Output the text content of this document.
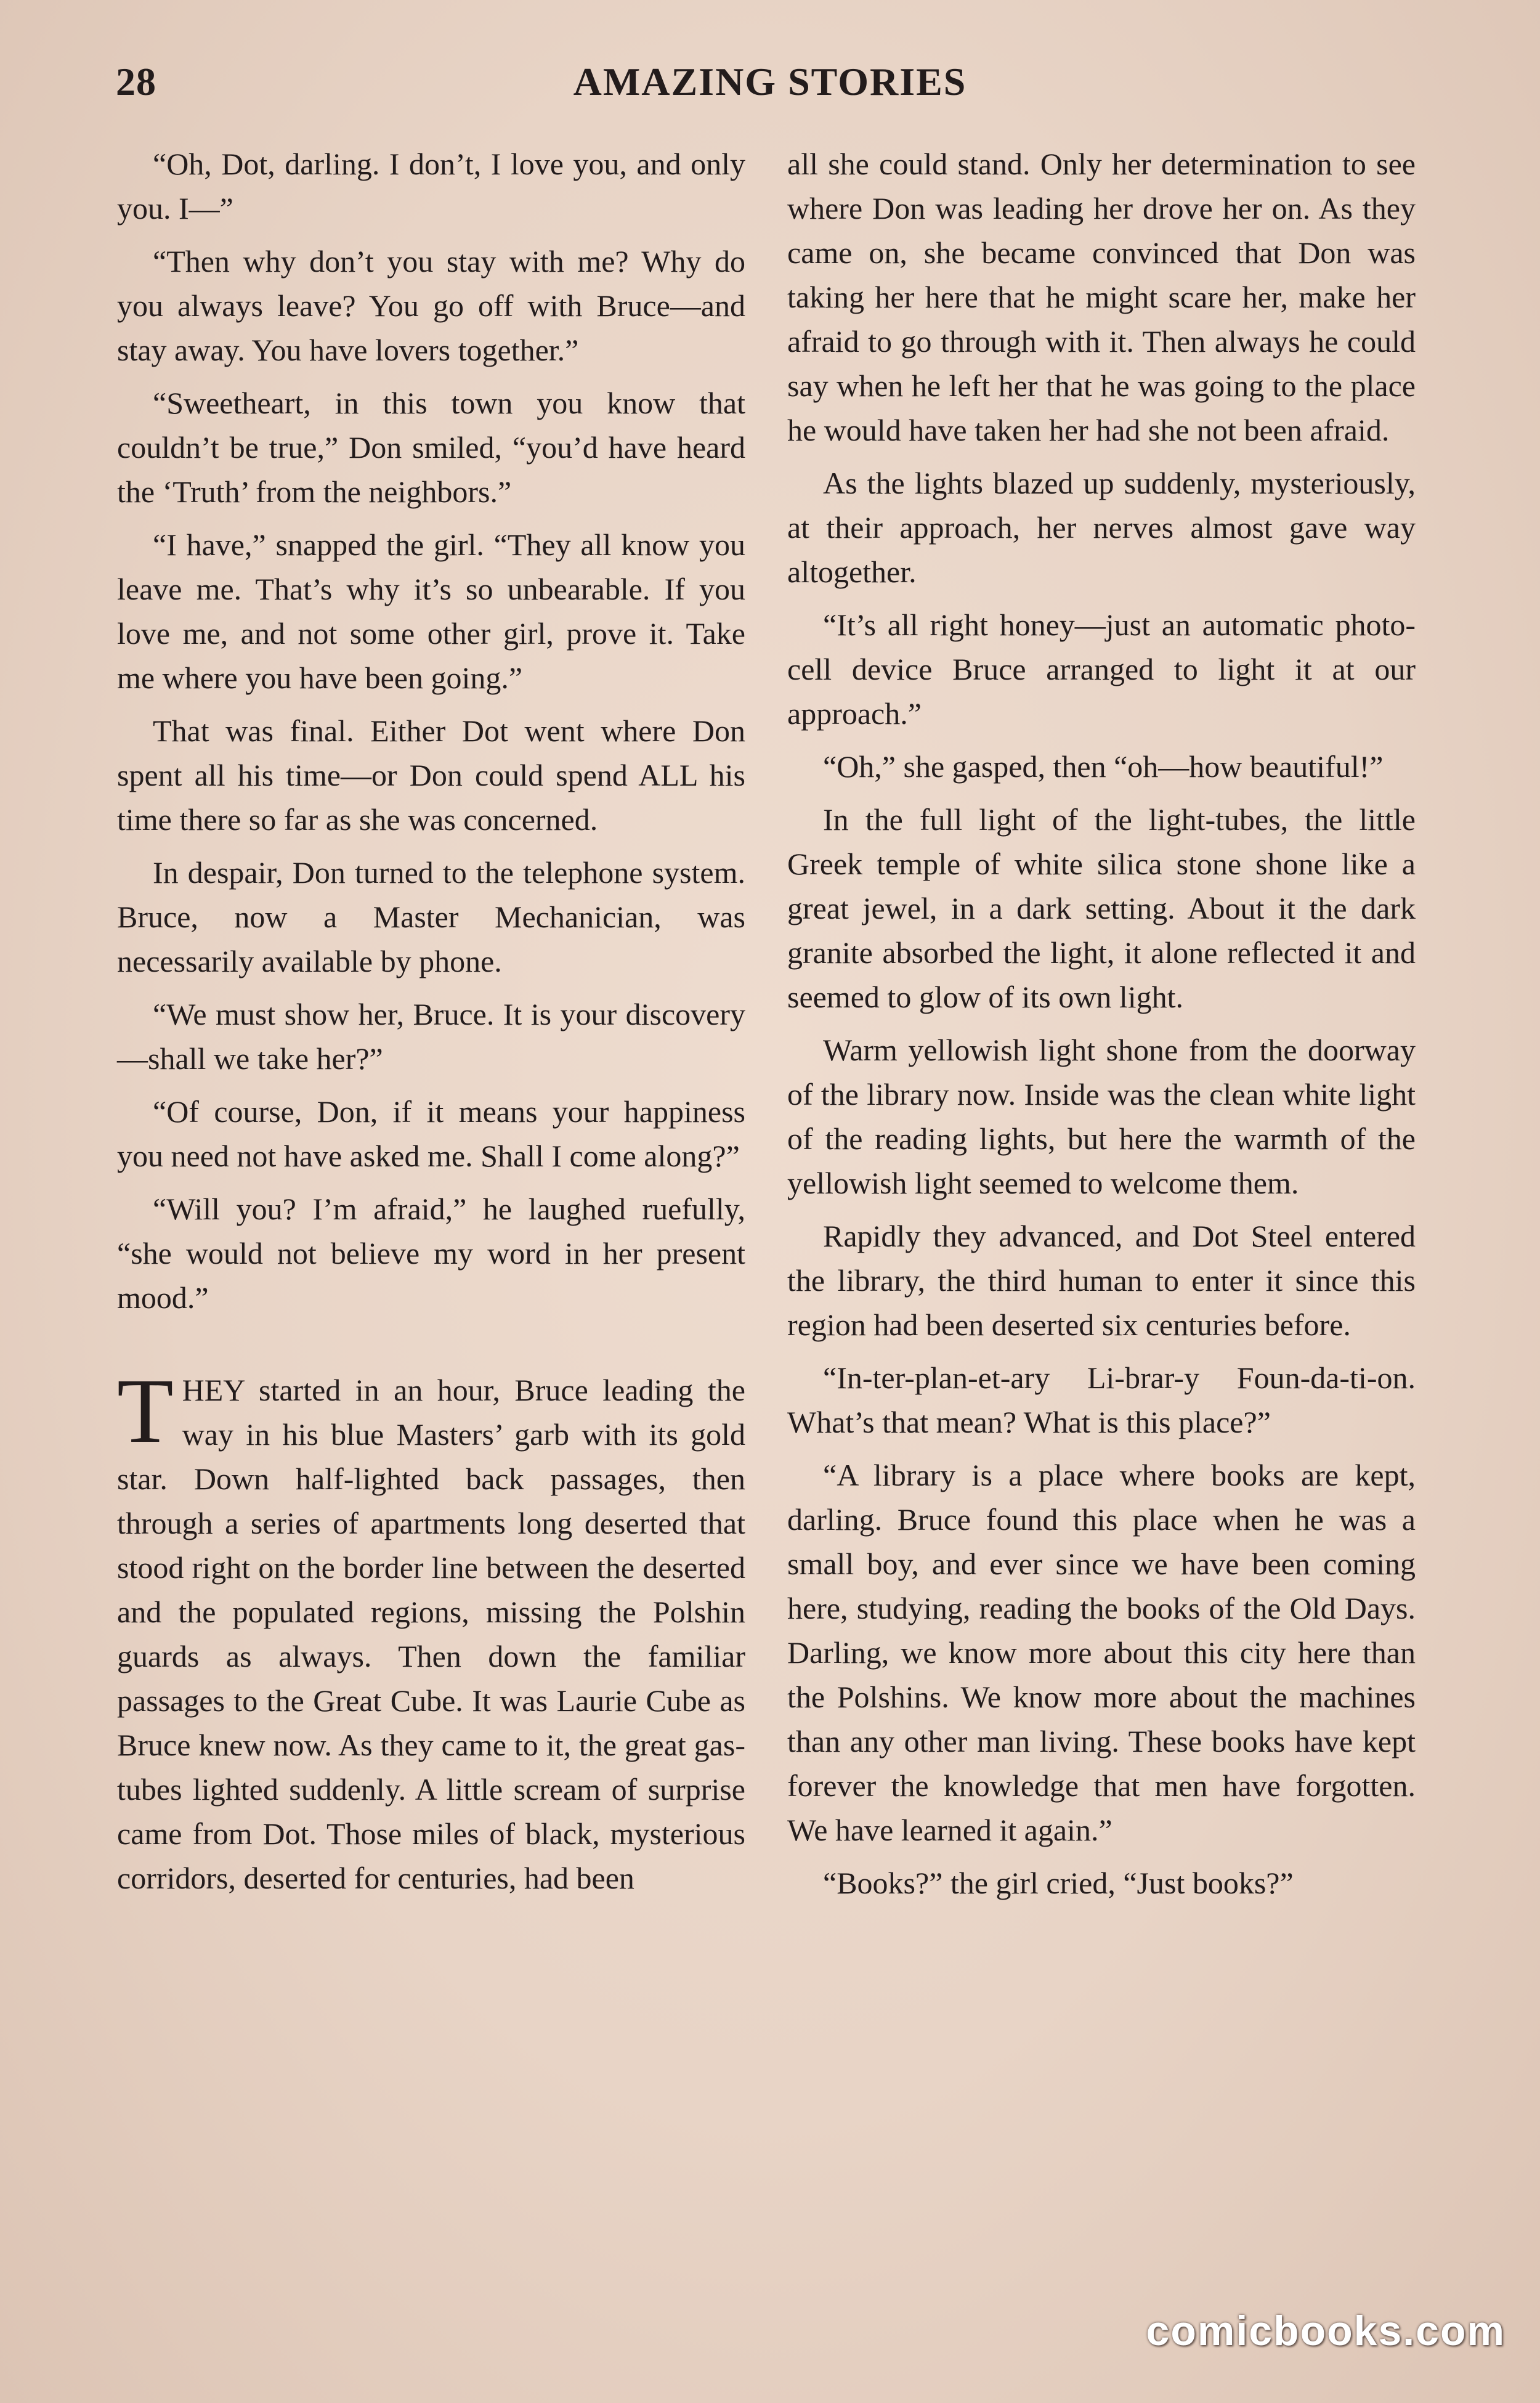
28	AMAZING STORIES

“Oh, Dot, darling. I don’t, I love you, and only you. I—”

“Then why don’t you stay with me? Why do you always leave? You go off with Bruce—and stay away. You have lovers together.”

“Sweetheart, in this town you know that couldn’t be true,” Don smiled, “you’d have heard the ‘Truth’ from the neighbors.”

“I have,” snapped the girl. “They all know you leave me. That’s why it’s so unbearable. If you love me, and not some other girl, prove it. Take me where you have been going.”

That was final. Either Dot went where Don spent all his time—or Don could spend ALL his time there so far as she was concerned.

In despair, Don turned to the telephone system. Bruce, now a Master Mechanician, was necessarily available by phone.

“We must show her, Bruce. It is your discovery—shall we take her?”

“Of course, Don, if it means your happiness you need not have asked me. Shall I come along?”

“Will you? I’m afraid,” he laughed ruefully, “she would not believe my word in her present mood.”

THEY started in an hour, Bruce leading the way in his blue Masters’ garb with its gold star. Down half-lighted back passages, then through a series of apartments long deserted that stood right on the border line between the deserted and the populated regions, missing the Polshin guards as always. Then down the familiar passages to the Great Cube. It was Laurie Cube as Bruce knew now. As they came to it, the great gas-tubes lighted suddenly. A little scream of surprise came from Dot. Those miles of black, mysterious corridors, deserted for centuries, had been

all she could stand. Only her determination to see where Don was leading her drove her on. As they came on, she became convinced that Don was taking her here that he might scare her, make her afraid to go through with it. Then always he could say when he left her that he was going to the place he would have taken her had she not been afraid.

As the lights blazed up suddenly, mysteriously, at their approach, her nerves almost gave way altogether.

“It’s all right honey—just an automatic photo-cell device Bruce arranged to light it at our approach.”

“Oh,” she gasped, then “oh—how beautiful!”

In the full light of the light-tubes, the little Greek temple of white silica stone shone like a great jewel, in a dark setting. About it the dark granite absorbed the light, it alone reflected it and seemed to glow of its own light.

Warm yellowish light shone from the doorway of the library now. Inside was the clean white light of the reading lights, but here the warmth of the yellowish light seemed to welcome them.

Rapidly they advanced, and Dot Steel entered the library, the third human to enter it since this region had been deserted six centuries before.

“In-ter-plan-et-ary Li-brar-y Foun-da-ti-on. What’s that mean? What is this place?”

“A library is a place where books are kept, darling. Bruce found this place when he was a small boy, and ever since we have been coming here, studying, reading the books of the Old Days. Darling, we know more about this city here than the Polshins. We know more about the machines than any other man living. These books have kept forever the knowledge that men have forgotten. We have learned it again.”

“Books?” the girl cried, “Just books?”

comicbooks.com
